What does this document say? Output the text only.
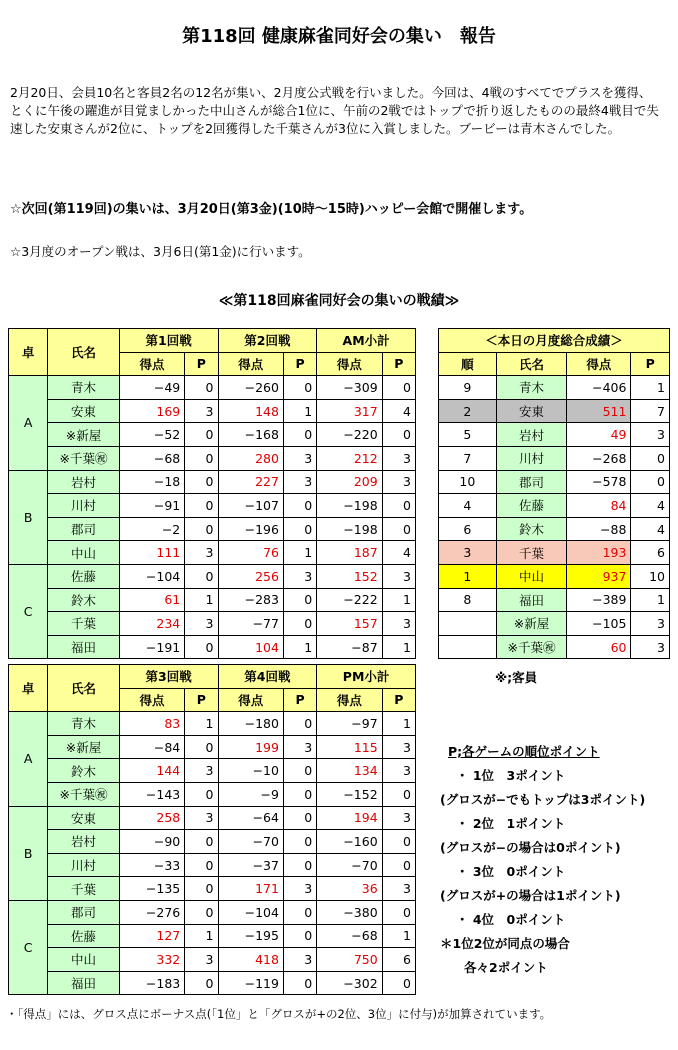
第118回 健康麻雀同好会の集い　報告
2月20日、会員10名と客員2名の12名が集い、2月度公式戦を行いました。今回は、4戦のすべてでプラスを獲得、とくに午後の躍進が目覚ましかった中山さんが総合1位に、午前の2戦ではトップで折り返したものの最終4戦目で失速した安東さんが2位に、トップを2回獲得した千葉さんが3位に入賞しました。ブービーは青木さんでした。
☆次回(第119回)の集いは、3月20日(第3金)(10時〜15時)ハッピー会館で開催します。
☆3月度のオープン戦は、3月6日(第1金)に行います。
≪第118回麻雀同好会の集いの戦績≫
卓	氏名	第1回戦		第2回戦		AM小計	
		得点	P	得点	P	得点	P
A	青木	−49	0	−260	0	−309	0
	安東	169	3	148	1	317	4
	※新屋	−52	0	−168	0	−220	0
	※千葉㊗	−68	0	280	3	212	3
B	岩村	−18	0	227	3	209	3
	川村	−91	0	−107	0	−198	0
	郡司	−2	0	−196	0	−198	0
	中山	111	3	76	1	187	4
C	佐藤	−104	0	256	3	152	3
	鈴木	61	1	−283	0	−222	1
	千葉	234	3	−77	0	157	3
	福田	−191	0	104	1	−87	1
卓	氏名	第3回戦		第4回戦		PM小計	
		得点	P	得点	P	得点	P
A	青木	83	1	−180	0	−97	1
	※新屋	−84	0	199	3	115	3
	鈴木	144	3	−10	0	134	3
	※千葉㊗	−143	0	−9	0	−152	0
B	安東	258	3	−64	0	194	3
	岩村	−90	0	−70	0	−160	0
	川村	−33	0	−37	0	−70	0
	千葉	−135	0	171	3	36	3
C	郡司	−276	0	−104	0	−380	0
	佐藤	127	1	−195	0	−68	1
	中山	332	3	418	3	750	6
	福田	−183	0	−119	0	−302	0
＜本日の月度総合成績＞			
順	氏名	得点	P
9	青木	−406	1
2	安東	511	7
5	岩村	49	3
7	川村	−268	0
10	郡司	−578	0
4	佐藤	84	4
6	鈴木	−88	4
3	千葉	193	6
1	中山	937	10
8	福田	−389	1
	※新屋	−105	3
	※千葉㊗	60	3
※;客員
P;各ゲームの順位ポイント
・ 1位　3ポイント
(グロスが−でもトップは3ポイント)
・ 2位　1ポイント
(グロスが−の場合は0ポイント)
・ 3位　0ポイント
(グロスが+の場合は1ポイント)
・ 4位　0ポイント
＊1位2位が同点の場合
各々2ポイント
・「得点」には、グロス点にボーナス点(「1位」と「グロスが+の2位、3位」に付与)が加算されています。
